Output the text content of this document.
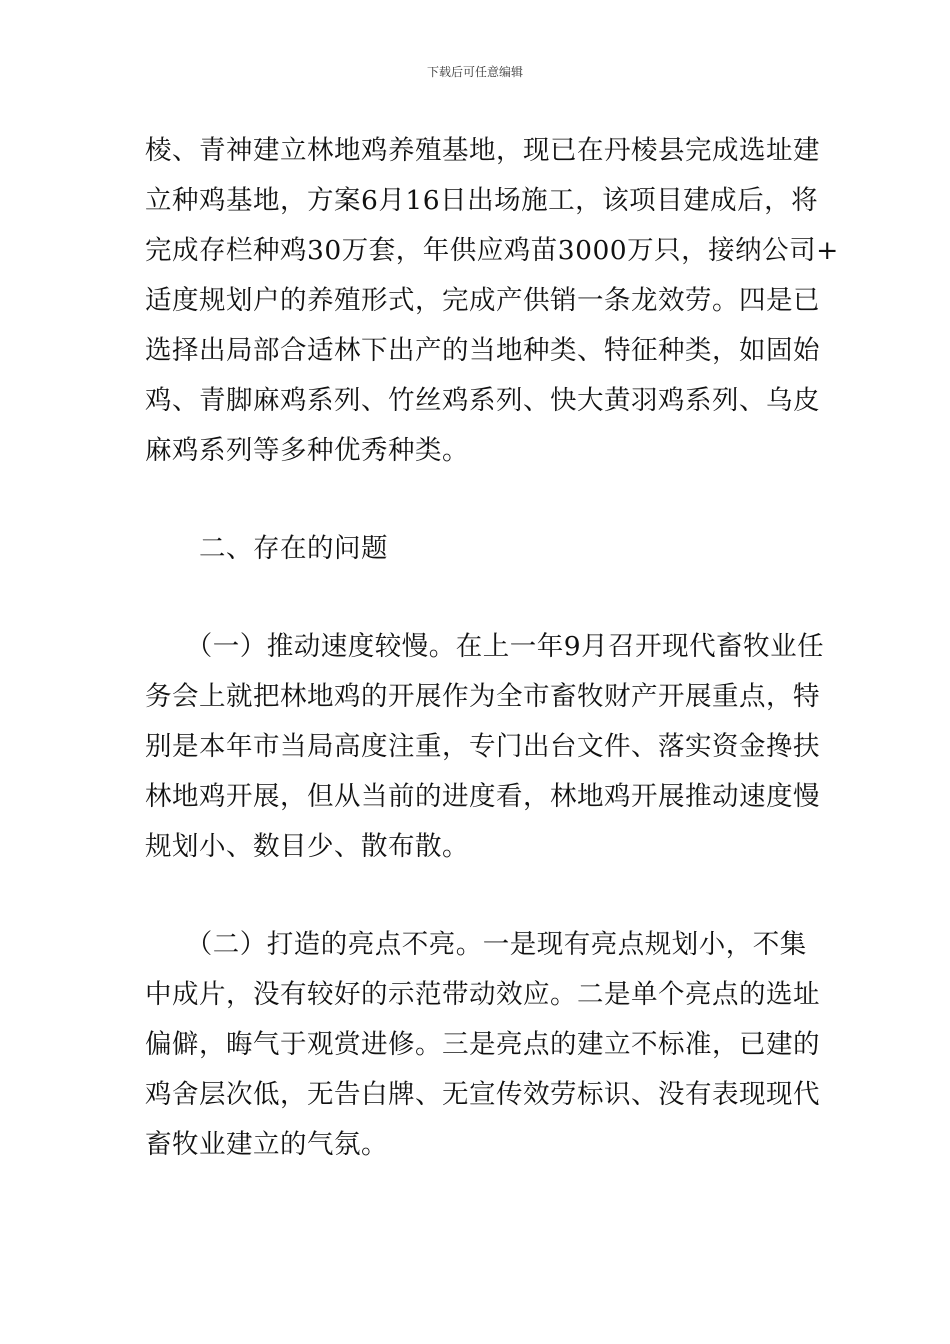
下载后可任意编辑

棱、青神建立林地鸡养殖基地，现已在丹棱县完成选址建
立种鸡基地，方案6月16日出场施工，该项目建成后，将
完成存栏种鸡30万套，年供应鸡苗3000万只，接纳公司+
适度规划户的养殖形式，完成产供销一条龙效劳。四是已
选择出局部合适林下出产的当地种类、特征种类，如固始
鸡、青脚麻鸡系列、竹丝鸡系列、快大黄羽鸡系列、乌皮
麻鸡系列等多种优秀种类。

　　二、存在的问题

　　（一）推动速度较慢。在上一年9月召开现代畜牧业任
务会上就把林地鸡的开展作为全市畜牧财产开展重点，特
别是本年市当局高度注重，专门出台文件、落实资金搀扶
林地鸡开展，但从当前的进度看，林地鸡开展推动速度慢
规划小、数目少、散布散。

　　（二）打造的亮点不亮。一是现有亮点规划小，不集
中成片，没有较好的示范带动效应。二是单个亮点的选址
偏僻，晦气于观赏进修。三是亮点的建立不标准，已建的
鸡舍层次低，无告白牌、无宣传效劳标识、没有表现现代
畜牧业建立的气氛。
